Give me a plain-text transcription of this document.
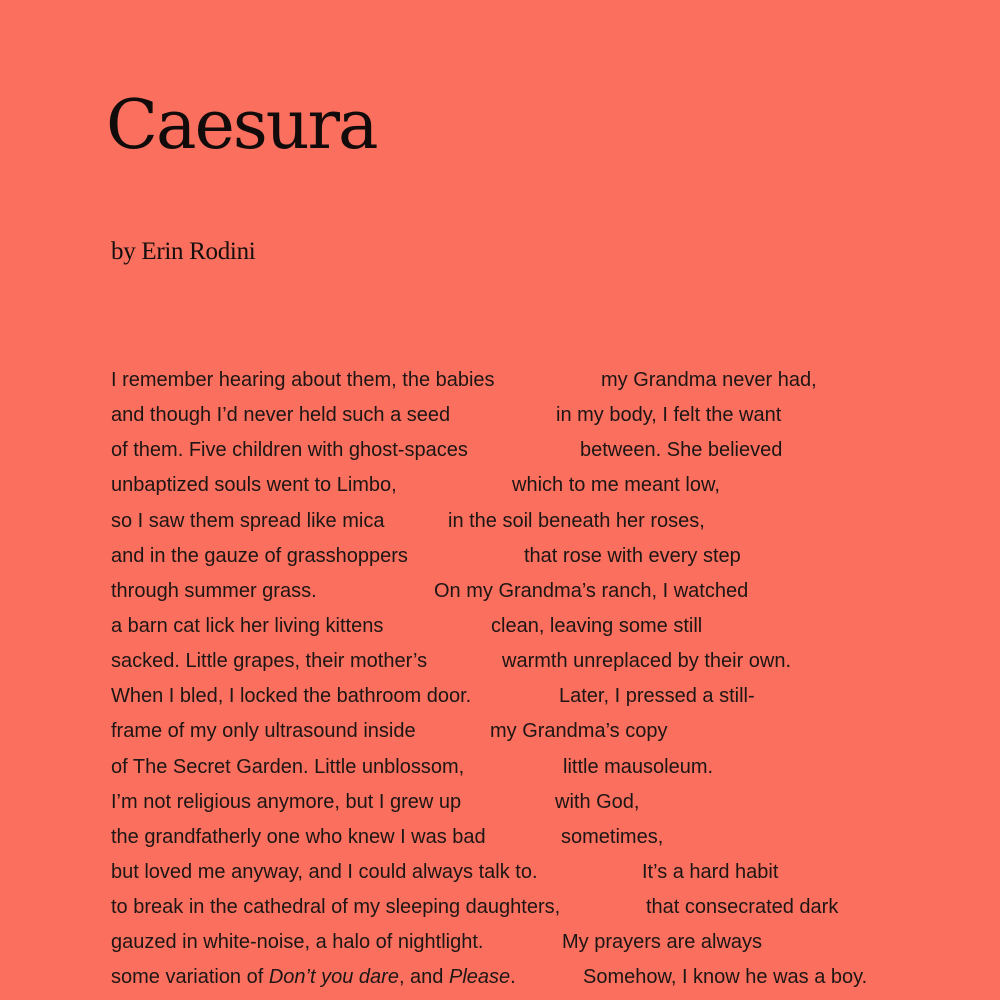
Caesura
by Erin Rodini
I remember hearing about them, the babies	my Grandma never had,
and though I’d never held such a seed	in my body, I felt the want
of them. Five children with ghost-spaces	between. She believed
unbaptized souls went to Limbo,	which to me meant low,
so I saw them spread like mica	in the soil beneath her roses,
and in the gauze of grasshoppers	that rose with every step
through summer grass.	On my Grandma’s ranch, I watched
a barn cat lick her living kittens	clean, leaving some still
sacked. Little grapes, their mother’s	warmth unreplaced by their own.
When I bled, I locked the bathroom door.	Later, I pressed a still-
frame of my only ultrasound inside	my Grandma’s copy
of The Secret Garden. Little unblossom,	little mausoleum.
I’m not religious anymore, but I grew up	with God,
the grandfatherly one who knew I was bad	sometimes,
but loved me anyway, and I could always talk to.	It’s a hard habit
to break in the cathedral of my sleeping daughters,	that consecrated dark
gauzed in white-noise, a halo of nightlight.	My prayers are always
some variation of Don’t you dare, and Please.	Somehow, I know he was a boy.
